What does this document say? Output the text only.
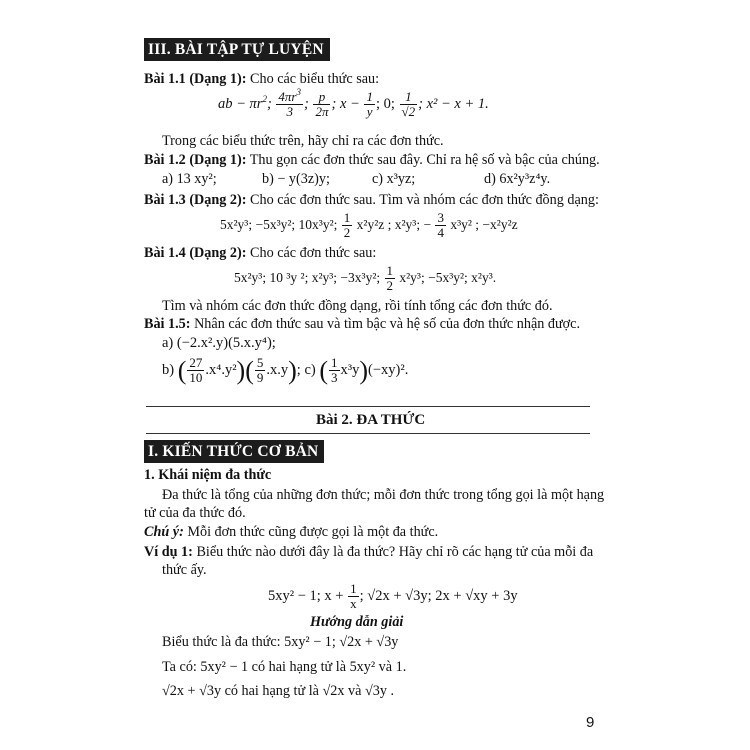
III. BÀI TẬP TỰ LUYỆN
Bài 1.1 (Dạng 1): Cho các biểu thức sau:
ab − $\pi r^2$; $\frac{4\pi r^3}{3}$ ; $\frac{p}{2\pi}$ ; $x - \frac{1}{y}$ ; 0; $\frac{1}{√2}$ ; x² − x + 1.
Trong các biểu thức trên, hãy chỉ ra các đơn thức.
Bài 1.2 (Dạng 1): Thu gọn các đơn thức sau đây. Chỉ ra hệ số và bậc của chúng.
a) 13 xy²;	b) − y(3z)y;	c) x³yz;	d) 6x²y³z⁴y.
Bài 1.3 (Dạng 2): Cho các đơn thức sau. Tìm và nhóm các đơn thức đồng dạng:
5x²y³; −5x³y²; 10x³y²; $\frac{1}{2} x^2y^2z$ ; x²y³; − $\frac{3}{4} x^3y^2$ ; −x²y²z
Bài 1.4 (Dạng 2): Cho các đơn thức sau:
5x²y³; 10 ³y ²; x²y³; −3x³y²; $\frac{1}{2} x^2y^3$; −5x³y²; x²y³.
Tìm và nhóm các đơn thức đồng dạng, rồi tính tổng các đơn thức đó.
Bài 1.5: Nhân các đơn thức sau và tìm bậc và hệ số của đơn thức nhận được.
a) (−2.x².y)(5.x.y⁴);
b) ( $\frac{27}{10} .x^4.y^2)( \frac{5}{9} .x.y)$; c) ( $\frac{1}{3} x^3y)(-xy)^2$.
Bài 2. ĐA THỨC
I. KIẾN THỨC CƠ BẢN
1. Khái niệm đa thức
Đa thức là tổng của những đơn thức; mỗi đơn thức trong tổng gọi là một hạng
tử của đa thức đó.
Chú ý: Mỗi đơn thức cũng được gọi là một đa thức.
Ví dụ 1: Biểu thức nào dưới đây là đa thức? Hãy chỉ rõ các hạng tử của mỗi đa
thức ấy.
5xy² − 1; $x + \frac{1}{x}$ ; √2x + √3y; 2x + √xy + 3y
Hướng dẫn giải
Biểu thức là đa thức: 5xy² − 1; √2x + √3y
Ta có: 5xy² − 1 có hai hạng tử là 5xy² và 1.
√2x + √3y có hai hạng tử là √2x và √3y .
9
